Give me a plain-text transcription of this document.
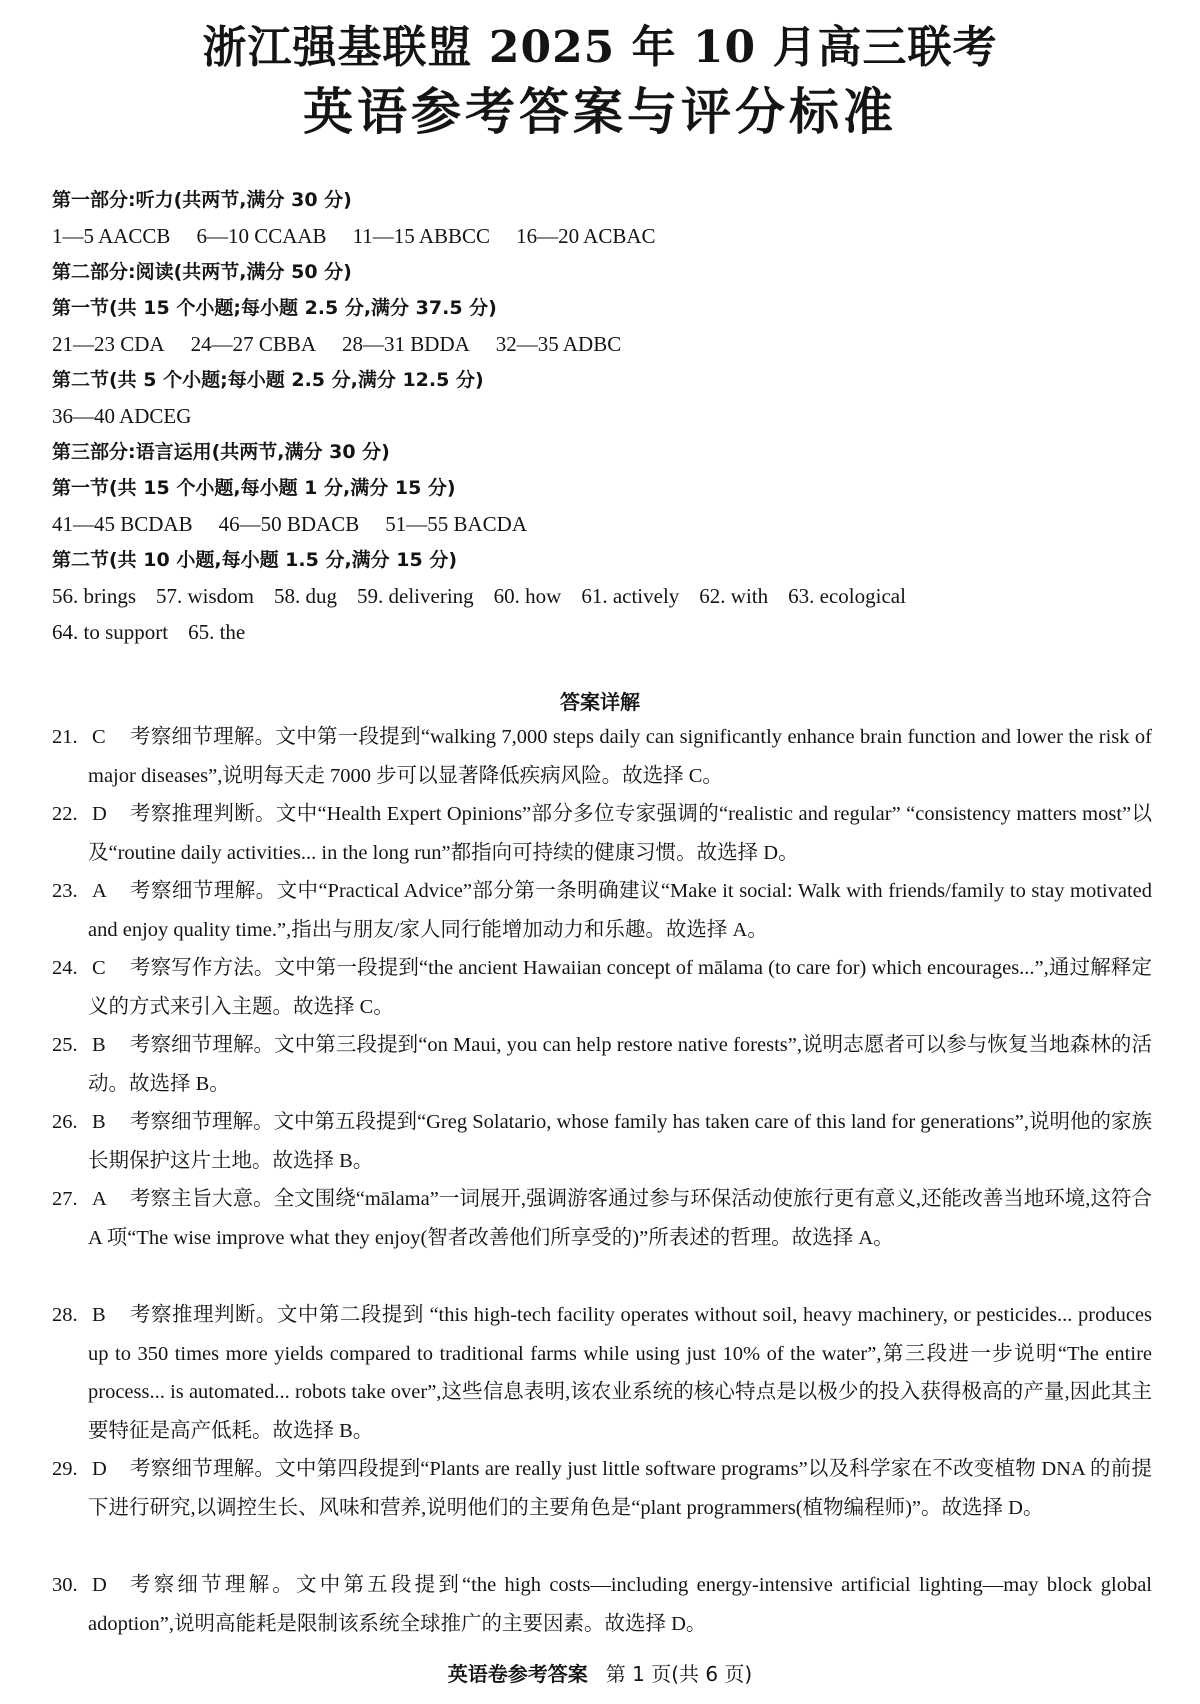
浙江强基联盟 2025 年 10 月高三联考
英语参考答案与评分标准
第一部分:听力(共两节,满分 30 分)
1—5 AACCB 6—10 CCAAB 11—15 ABBCC 16—20 ACBAC
第二部分:阅读(共两节,满分 50 分)
第一节(共 15 个小题;每小题 2.5 分,满分 37.5 分)
21—23 CDA 24—27 CBBA 28—31 BDDA 32—35 ADBC
第二节(共 5 个小题;每小题 2.5 分,满分 12.5 分)
36—40 ADCEG
第三部分:语言运用(共两节,满分 30 分)
第一节(共 15 个小题,每小题 1 分,满分 15 分)
41—45 BCDAB 46—50 BDACB 51—55 BACDA
第二节(共 10 小题,每小题 1.5 分,满分 15 分)
56. brings 57. wisdom 58. dug 59. delivering 60. how 61. actively 62. with 63. ecological
64. to support 65. the
答案详解
21. C	考察细节理解。文中第一段提到“walking 7,000 steps daily can significantly enhance brain function and lower the risk of major diseases”,说明每天走 7000 步可以显著降低疾病风险。故选择 C。
22. D	考察推理判断。文中“Health Expert Opinions”部分多位专家强调的“realistic and regular” “consistency matters most”以及“routine daily activities... in the long run”都指向可持续的健康习惯。故选择 D。
23. A	考察细节理解。文中“Practical Advice”部分第一条明确建议“Make it social: Walk with friends/family to stay motivated and enjoy quality time.”,指出与朋友/家人同行能增加动力和乐趣。故选择 A。
24. C	考察写作方法。文中第一段提到“the ancient Hawaiian concept of mālama (to care for) which encourages...”,通过解释定义的方式来引入主题。故选择 C。
25. B	考察细节理解。文中第三段提到“on Maui, you can help restore native forests”,说明志愿者可以参与恢复当地森林的活动。故选择 B。
26. B	考察细节理解。文中第五段提到“Greg Solatario, whose family has taken care of this land for generations”,说明他的家族长期保护这片土地。故选择 B。
27. A	考察主旨大意。全文围绕“mālama”一词展开,强调游客通过参与环保活动使旅行更有意义,还能改善当地环境,这符合 A 项“The wise improve what they enjoy(智者改善他们所享受的)”所表述的哲理。故选择 A。
28. B	考察推理判断。文中第二段提到 “this high-tech facility operates without soil, heavy machinery, or pesticides... produces up to 350 times more yields compared to traditional farms while using just 10% of the water”,第三段进一步说明“The entire process... is automated... robots take over”,这些信息表明,该农业系统的核心特点是以极少的投入获得极高的产量,因此其主要特征是高产低耗。故选择 B。
29. D	考察细节理解。文中第四段提到“Plants are really just little software programs”以及科学家在不改变植物 DNA 的前提下进行研究,以调控生长、风味和营养,说明他们的主要角色是“plant programmers(植物编程师)”。故选择 D。
30. D	考察细节理解。文中第五段提到“the high costs—including energy-intensive artificial lighting—may block global adoption”,说明高能耗是限制该系统全球推广的主要因素。故选择 D。
英语卷参考答案 第 1 页(共 6 页)
